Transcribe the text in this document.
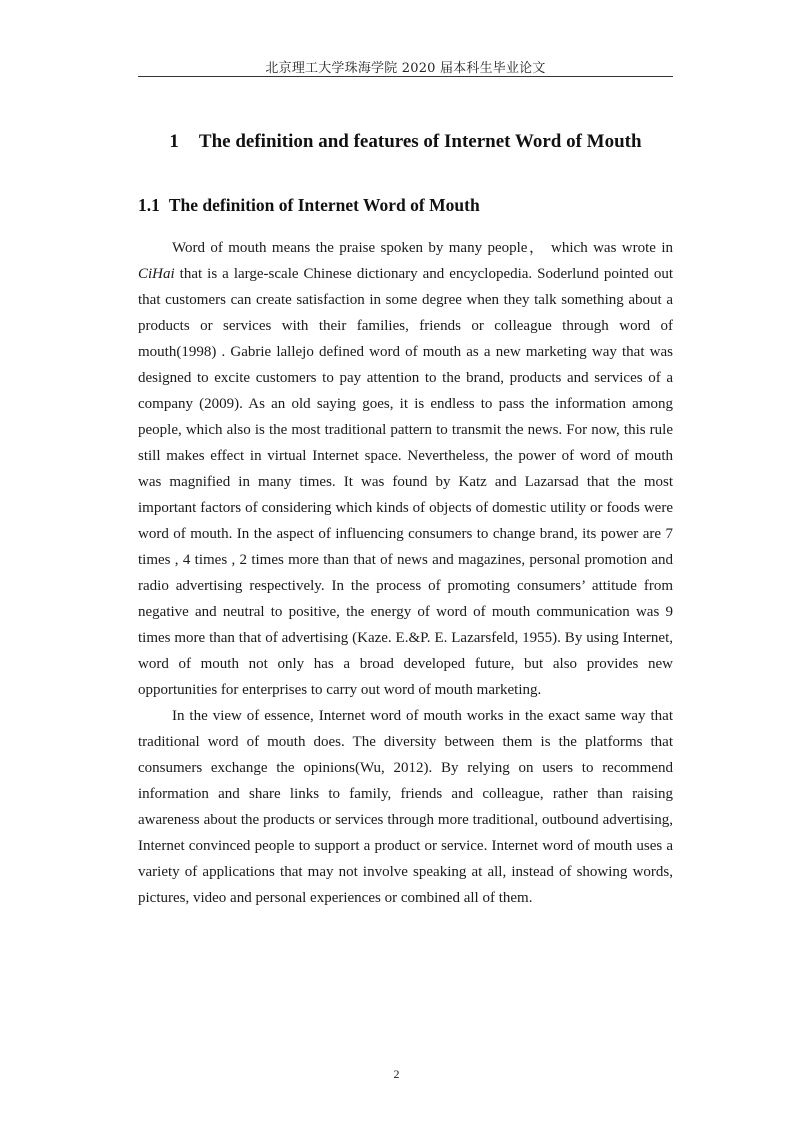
北京理工大学珠海学院 2020 届本科生毕业论文
1 The definition and features of Internet Word of Mouth
1.1 The definition of Internet Word of Mouth

Word of mouth means the praise spoken by many people， which was wrote in CiHai that is a large-scale Chinese dictionary and encyclopedia. Soderlund pointed out that customers can create satisfaction in some degree when they talk something about a products or services with their families, friends or colleague through word of mouth(1998) . Gabrie lallejo defined word of mouth as a new marketing way that was designed to excite customers to pay attention to the brand, products and services of a company (2009). As an old saying goes, it is endless to pass the information among people, which also is the most traditional pattern to transmit the news. For now, this rule still makes effect in virtual Internet space. Nevertheless, the power of word of mouth was magnified in many times. It was found by Katz and Lazarsad that the most important factors of considering which kinds of objects of domestic utility or foods were word of mouth. In the aspect of influencing consumers to change brand, its power are 7 times , 4 times , 2 times more than that of news and magazines, personal promotion and radio advertising respectively. In the process of promoting consumers’ attitude from negative and neutral to positive, the energy of word of mouth communication was 9 times more than that of advertising (Kaze. E.&P. E. Lazarsfeld, 1955). By using Internet, word of mouth not only has a broad developed future, but also provides new opportunities for enterprises to carry out word of mouth marketing.

In the view of essence, Internet word of mouth works in the exact same way that traditional word of mouth does. The diversity between them is the platforms that consumers exchange the opinions(Wu, 2012). By relying on users to recommend information and share links to family, friends and colleague, rather than raising awareness about the products or services through more traditional, outbound advertising, Internet convinced people to support a product or service. Internet word of mouth uses a variety of applications that may not involve speaking at all, instead of showing words, pictures, video and personal experiences or combined all of them.

2
